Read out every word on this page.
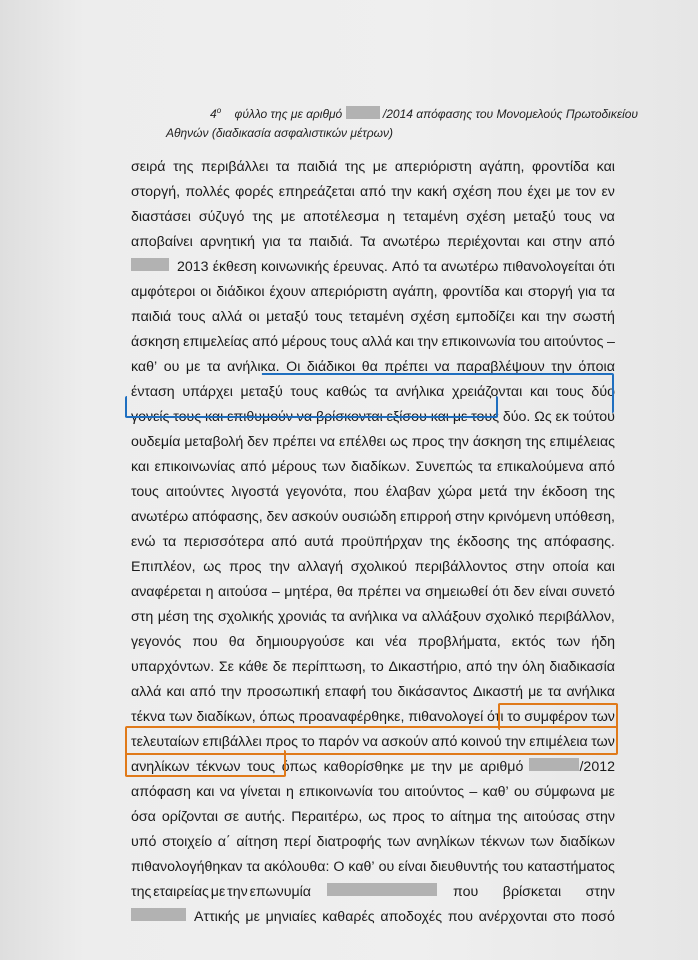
$4^o$ φύλλο της με αριθμό	/2014 απόφασης του Μονομελούς Πρωτοδικείου
Αθηνών (διαδικασία ασφαλιστικών μέτρων)
σειρά της περιβάλλει τα παιδιά της με απεριόριστη αγάπη, φροντίδα και
στοργή, πολλές φορές επηρεάζεται από την κακή σχέση που έχει με τον εν
διαστάσει σύζυγό της με αποτέλεσμα η τεταμένη σχέση μεταξύ τους να
αποβαίνει αρνητική για τα παιδιά. Τα ανωτέρω περιέχονται και στην από
2013 έκθεση κοινωνικής έρευνας. Από τα ανωτέρω πιθανολογείται ότι
αμφότεροι οι διάδικοι έχουν απεριόριστη αγάπη, φροντίδα και στοργή για τα
παιδιά τους αλλά οι μεταξύ τους τεταμένη σχέση εμποδίζει και την σωστή
άσκηση επιμελείας από μέρους τους αλλά και την επικοινωνία του αιτούντος –
καθ’ ου με τα ανήλικα. Οι διάδικοι θα πρέπει να παραβλέψουν την όποια
ένταση υπάρχει μεταξύ τους καθώς τα ανήλικα χρειάζονται και τους δύο
γονείς τους και επιθυμούν να βρίσκονται εξίσου και με τους δύο. Ως εκ τούτου
ουδεμία μεταβολή δεν πρέπει να επέλθει ως προς την άσκηση της επιμέλειας
και επικοινωνίας από μέρους των διαδίκων. Συνεπώς τα επικαλούμενα από
τους αιτούντες λιγοστά γεγονότα, που έλαβαν χώρα μετά την έκδοση της
ανωτέρω απόφασης, δεν ασκούν ουσιώδη επιρροή στην κρινόμενη υπόθεση,
ενώ τα περισσότερα από αυτά προϋπήρχαν της έκδοσης της απόφασης.
Επιπλέον, ως προς την αλλαγή σχολικού περιβάλλοντος στην οποία και
αναφέρεται η αιτούσα – μητέρα, θα πρέπει να σημειωθεί ότι δεν είναι συνετό
στη μέση της σχολικής χρονιάς τα ανήλικα να αλλάξουν σχολικό περιβάλλον,
γεγονός που θα δημιουργούσε και νέα προβλήματα, εκτός των ήδη
υπαρχόντων. Σε κάθε δε περίπτωση, το Δικαστήριο, από την όλη διαδικασία
αλλά και από την προσωπική επαφή του δικάσαντος Δικαστή με τα ανήλικα
τέκνα των διαδίκων, όπως προαναφέρθηκε, πιθανολογεί ότι το συμφέρον των
τελευταίων επιβάλλει προς το παρόν να ασκούν από κοινού την επιμέλεια των
ανηλίκων τέκνων τους όπως καθορίσθηκε με την με αριθμό	/2012
απόφαση και να γίνεται η επικοινωνία του αιτούντος – καθ’ ου σύμφωνα με
όσα ορίζονται σε αυτής. Περαιτέρω, ως προς το αίτημα της αιτούσας στην
υπό στοιχείο α΄ αίτηση περί διατροφής των ανηλίκων τέκνων των διαδίκων
πιθανολογήθηκαν τα ακόλουθα: Ο καθ’ ου είναι διευθυντής του καταστήματος
της εταιρείας με την επωνυμία	που βρίσκεται στην
Αττικής με μηνιαίες καθαρές αποδοχές που ανέρχονται στο ποσό
